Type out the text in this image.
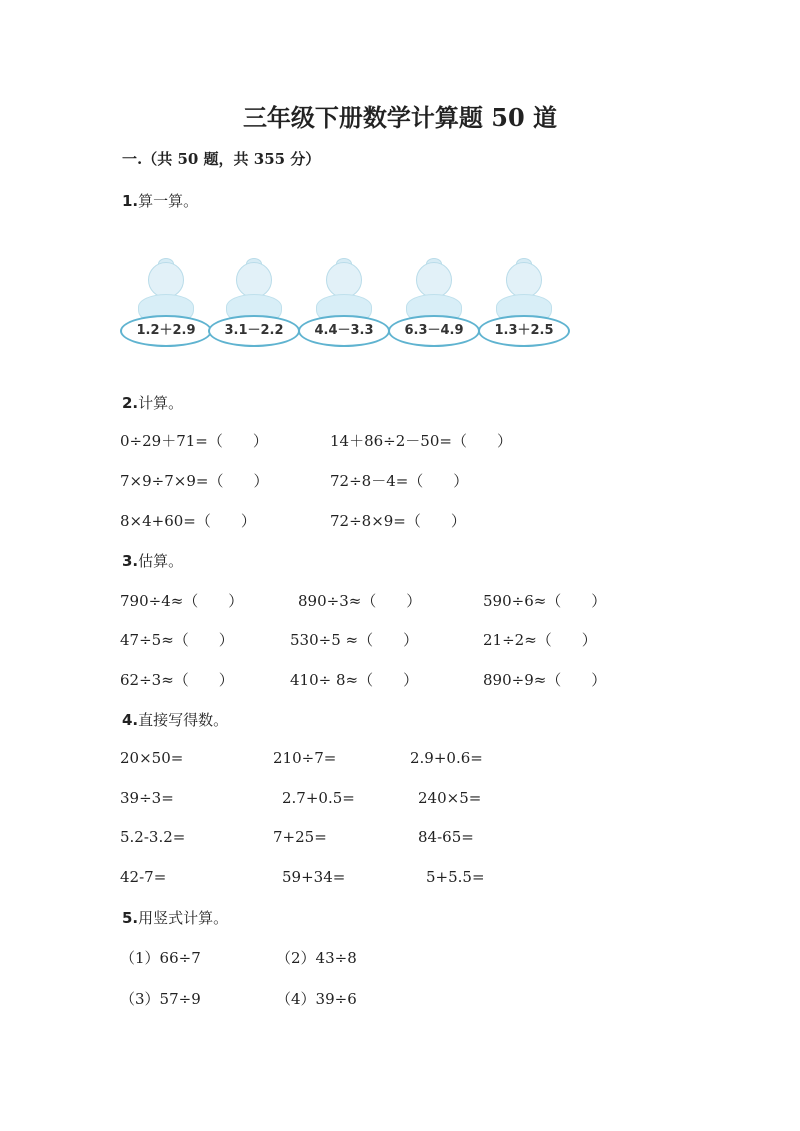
三年级下册数学计算题 50 道
一.（共 50 题，共 355 分）
1.算一算。
1.2＋2.9	3.1－2.2	4.4－3.3	6.3－4.9	1.3＋2.5
2.计算。
0÷29＋71=（　　）	14＋86÷2－50=（　　）
7×9÷7×9=（　　）	72÷8－4=（　　）
8×4+60=（　　）	72÷8×9=（　　）
3.估算。
790÷4≈（　　）	890÷3≈（　　）	590÷6≈（　　）
47÷5≈（　　）	530÷5 ≈（　　）	21÷2≈（　　）
62÷3≈（　　）	410÷ 8≈（　　）	890÷9≈（　　）
4.直接写得数。
20×50=	210÷7=	2.9+0.6=
39÷3=	2.7+0.5=	240×5=
5.2-3.2=	7+25=	84-65=
42-7=	59+34=	5+5.5=
5.用竖式计算。
（1）66÷7	（2）43÷8
（3）57÷9	（4）39÷6
